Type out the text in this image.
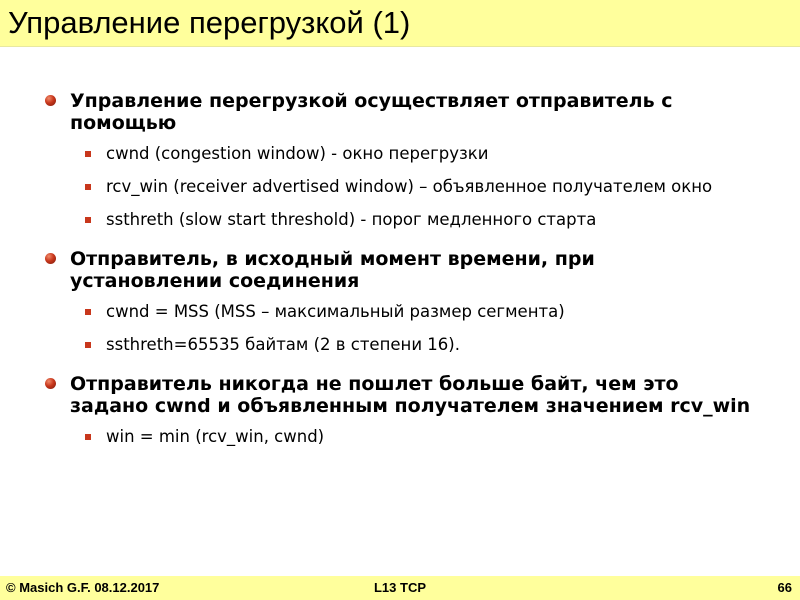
Управление перегрузкой (1)
Управление перегрузкой осуществляет отправитель с помощью
cwnd (congestion window) - окно перегрузки
rcv_win (receiver advertised window) – объявленное получателем окно
ssthreth (slow start threshold) - порог медленного старта
Отправитель, в исходный момент времени, при установлении соединения
cwnd = MSS (MSS – максимальный размер сегмента)
ssthreth=65535 байтам (2 в степени 16).
Отправитель никогда не пошлет больше байт, чем это задано cwnd и объявленным получателем значением rcv_win
win = min (rcv_win, cwnd)
© Masich G.F. 08.12.2017	L13 TCP	66
